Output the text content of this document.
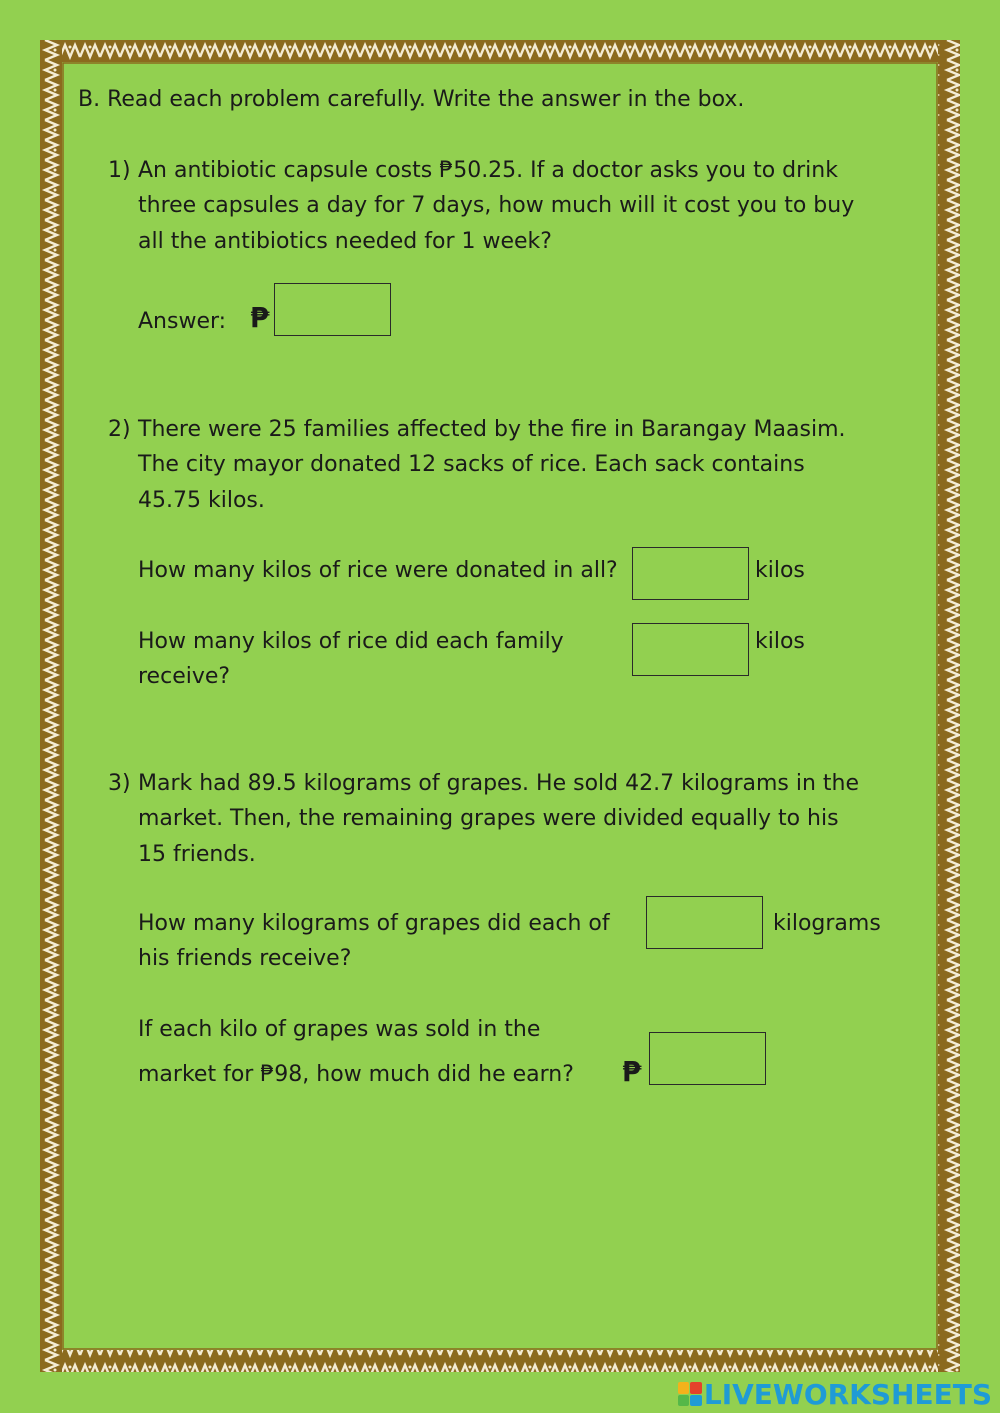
B. Read each problem carefully. Write the answer in the box.
1) An antibiotic capsule costs ₱50.25. If a doctor asks you to drink
three capsules a day for 7 days, how much will it cost you to buy
all the antibiotics needed for 1 week?
Answer: ₱
2) There were 25 families affected by the fire in Barangay Maasim.
The city mayor donated 12 sacks of rice. Each sack contains
45.75 kilos.
How many kilos of rice were donated in all?	kilos
How many kilos of rice did each family
receive?
kilos
3) Mark had 89.5 kilograms of grapes. He sold 42.7 kilograms in the
market. Then, the remaining grapes were divided equally to his
15 friends.
How many kilograms of grapes did each of
his friends receive?
kilograms
If each kilo of grapes was sold in the
market for ₱98, how much did he earn? ₱
LIVEWORKSHEETS
